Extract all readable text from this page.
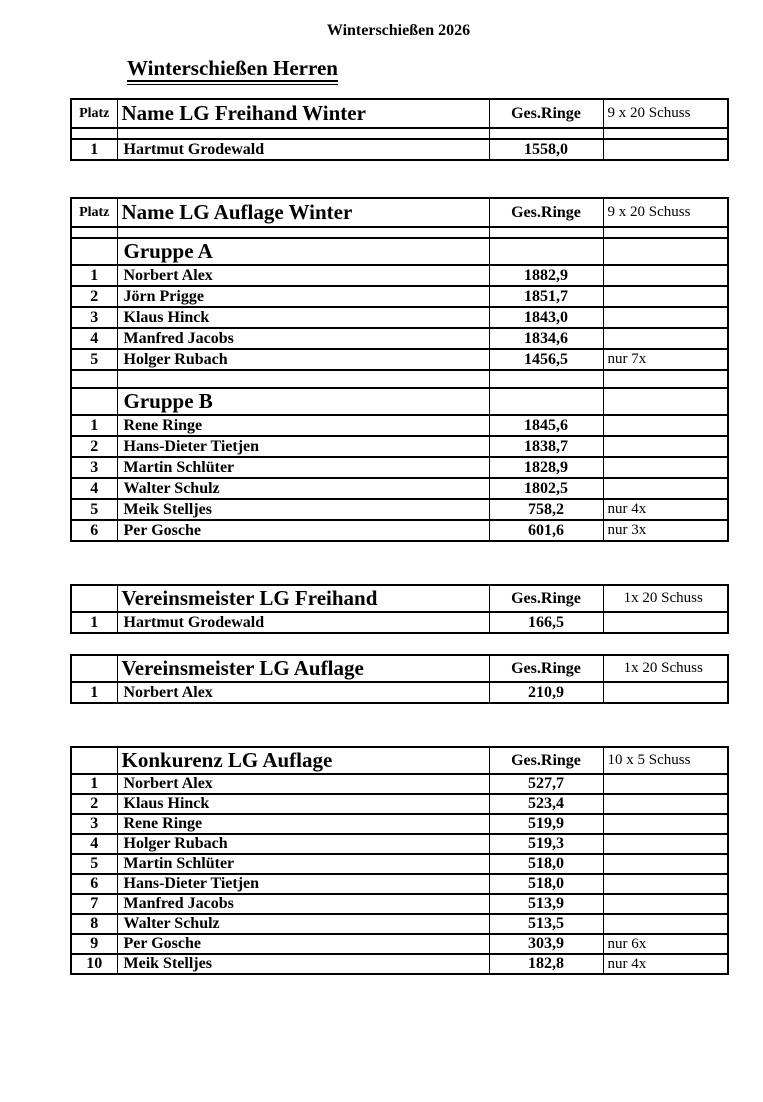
Winterschießen 2026
Winterschießen Herren
Platz	Name LG Freihand Winter	Ges.Ringe	9 x 20 Schuss

1	Hartmut Grodewald	1558,0	
Platz	Name LG Auflage Winter	Ges.Ringe	9 x 20 Schuss

	Gruppe A		
1	Norbert Alex	1882,9	
2	Jörn Prigge	1851,7	
3	Klaus Hinck	1843,0	
4	Manfred Jacobs	1834,6	
5	Holger Rubach	1456,5	nur 7x

	Gruppe B		
1	Rene Ringe	1845,6	
2	Hans-Dieter Tietjen	1838,7	
3	Martin Schlüter	1828,9	
4	Walter Schulz	1802,5	
5	Meik Stelljes	758,2	nur 4x
6	Per Gosche	601,6	nur 3x
	Vereinsmeister LG Freihand	Ges.Ringe	1x 20 Schuss
1	Hartmut Grodewald	166,5	
	Vereinsmeister LG Auflage	Ges.Ringe	1x 20 Schuss
1	Norbert Alex	210,9	
	Konkurenz LG Auflage	Ges.Ringe	10 x 5 Schuss
1	Norbert Alex	527,7	
2	Klaus Hinck	523,4	
3	Rene Ringe	519,9	
4	Holger Rubach	519,3	
5	Martin Schlüter	518,0	
6	Hans-Dieter Tietjen	518,0	
7	Manfred Jacobs	513,9	
8	Walter Schulz	513,5	
9	Per Gosche	303,9	nur 6x
10	Meik Stelljes	182,8	nur 4x
